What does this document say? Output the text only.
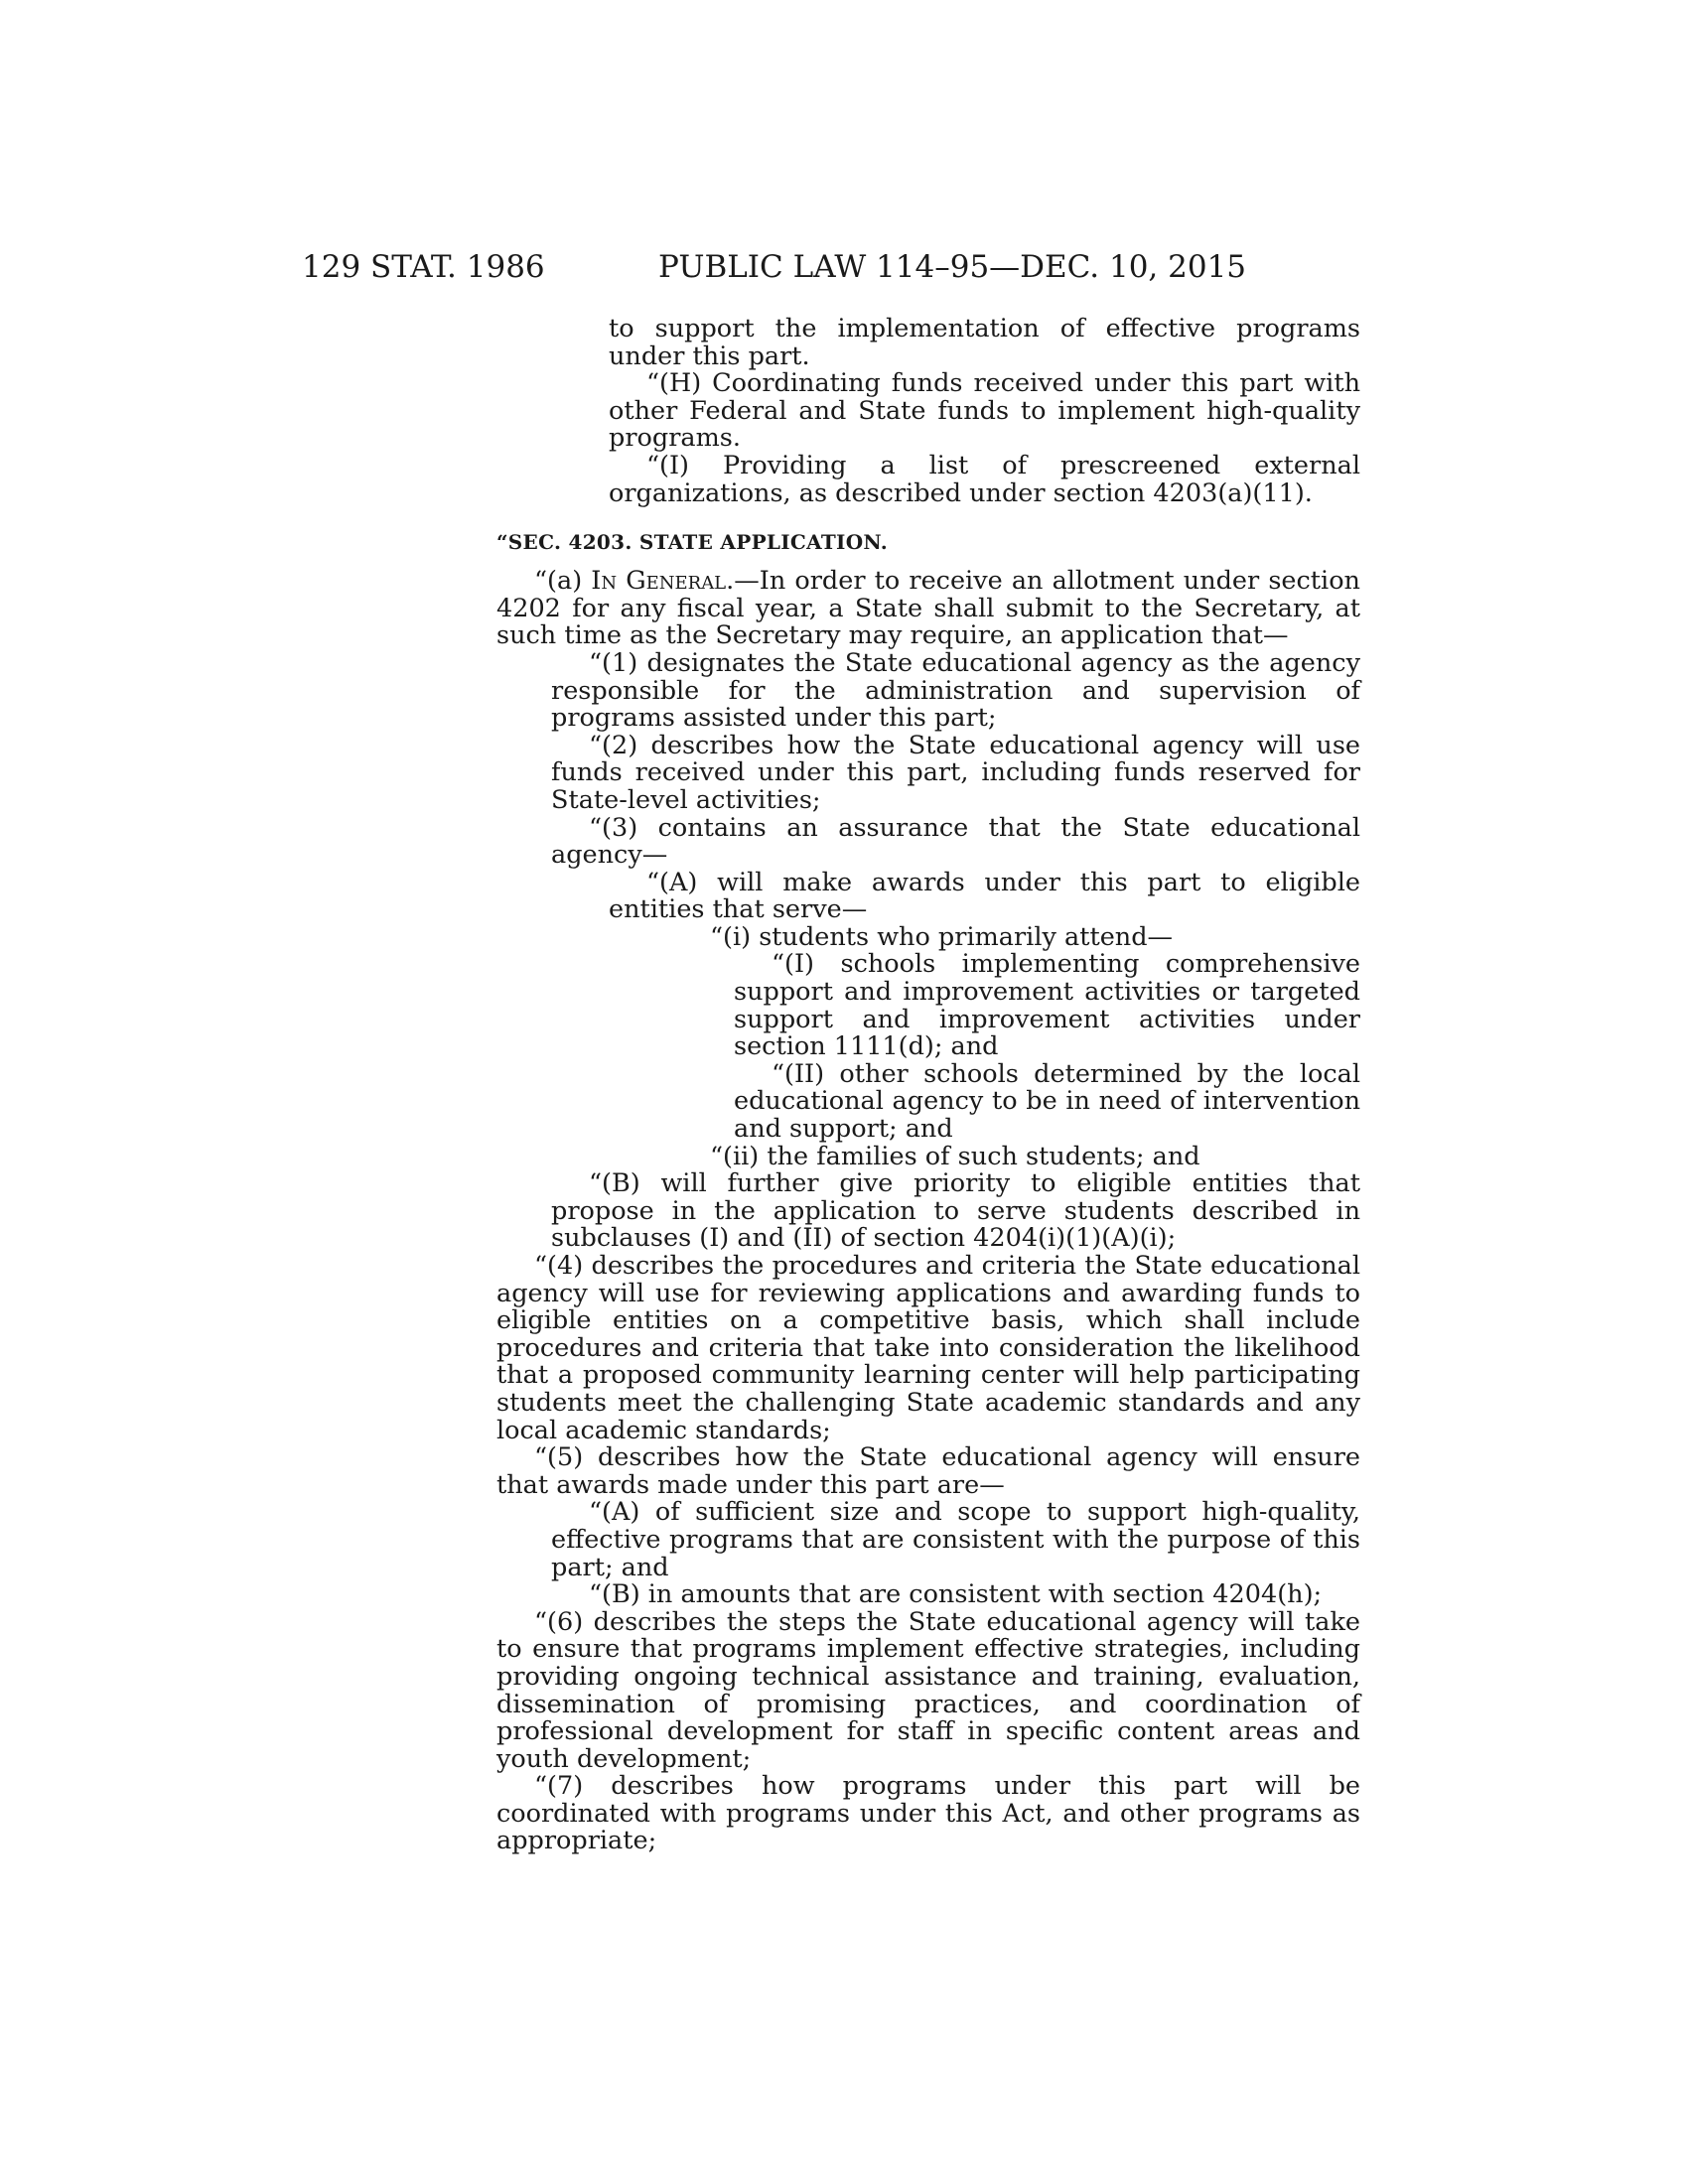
129 STAT. 1986	PUBLIC LAW 114–95—DEC. 10, 2015

to support the implementation of effective programs under this part.

“(H) Coordinating funds received under this part with other Federal and State funds to implement high-quality programs.

“(I) Providing a list of prescreened external organizations, as described under section 4203(a)(11).

“SEC. 4203. STATE APPLICATION.

“(a) In General.—In order to receive an allotment under section 4202 for any fiscal year, a State shall submit to the Secretary, at such time as the Secretary may require, an application that—

“(1) designates the State educational agency as the agency responsible for the administration and supervision of programs assisted under this part;

“(2) describes how the State educational agency will use funds received under this part, including funds reserved for State-level activities;

“(3) contains an assurance that the State educational agency—

“(A) will make awards under this part to eligible entities that serve—

“(i) students who primarily attend—

“(I) schools implementing comprehensive support and improvement activities or targeted support and improvement activities under section 1111(d); and

“(II) other schools determined by the local educational agency to be in need of intervention and support; and

“(ii) the families of such students; and

“(B) will further give priority to eligible entities that propose in the application to serve students described in subclauses (I) and (II) of section 4204(i)(1)(A)(i);

“(4) describes the procedures and criteria the State educational agency will use for reviewing applications and awarding funds to eligible entities on a competitive basis, which shall include procedures and criteria that take into consideration the likelihood that a proposed community learning center will help participating students meet the challenging State academic standards and any local academic standards;

“(5) describes how the State educational agency will ensure that awards made under this part are—

“(A) of sufficient size and scope to support high-quality, effective programs that are consistent with the purpose of this part; and

“(B) in amounts that are consistent with section 4204(h);

“(6) describes the steps the State educational agency will take to ensure that programs implement effective strategies, including providing ongoing technical assistance and training, evaluation, dissemination of promising practices, and coordination of professional development for staff in specific content areas and youth development;

“(7) describes how programs under this part will be coordinated with programs under this Act, and other programs as appropriate;
